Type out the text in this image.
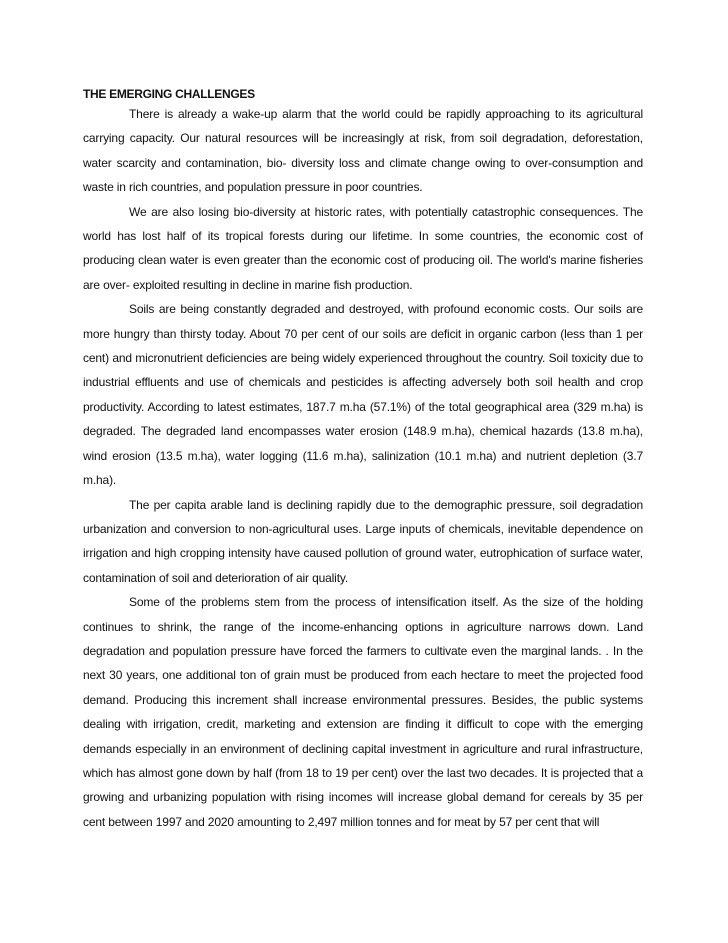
THE EMERGING CHALLENGES

There is already a wake-up alarm that the world could be rapidly approaching to its agricultural carrying capacity. Our natural resources will be increasingly at risk, from soil degradation, deforestation, water scarcity and contamination, bio- diversity loss and climate change owing to over-consumption and waste in rich countries, and population pressure in poor countries.

We are also losing bio-diversity at historic rates, with potentially catastrophic consequences. The world has lost half of its tropical forests during our lifetime. In some countries, the economic cost of producing clean water is even greater than the economic cost of producing oil. The world's marine fisheries are over- exploited resulting in decline in marine fish production.

Soils are being constantly degraded and destroyed, with profound economic costs. Our soils are more hungry than thirsty today. About 70 per cent of our soils are deficit in organic carbon (less than 1 per cent) and micronutrient deficiencies are being widely experienced throughout the country. Soil toxicity due to industrial effluents and use of chemicals and pesticides is affecting adversely both soil health and crop productivity. According to latest estimates, 187.7 m.ha (57.1%) of the total geographical area (329 m.ha) is degraded. The degraded land encompasses water erosion (148.9 m.ha), chemical hazards (13.8 m.ha), wind erosion (13.5 m.ha), water logging (11.6 m.ha), salinization (10.1 m.ha) and nutrient depletion (3.7 m.ha).

The per capita arable land is declining rapidly due to the demographic pressure, soil degradation urbanization and conversion to non-agricultural uses. Large inputs of chemicals, inevitable dependence on irrigation and high cropping intensity have caused pollution of ground water, eutrophication of surface water, contamination of soil and deterioration of air quality.

Some of the problems stem from the process of intensification itself. As the size of the holding continues to shrink, the range of the income-enhancing options in agriculture narrows down. Land degradation and population pressure have forced the farmers to cultivate even the marginal lands. . In the next 30 years, one additional ton of grain must be produced from each hectare to meet the projected food demand. Producing this increment shall increase environmental pressures. Besides, the public systems dealing with irrigation, credit, marketing and extension are finding it difficult to cope with the emerging demands especially in an environment of declining capital investment in agriculture and rural infrastructure, which has almost gone down by half (from 18 to 19 per cent) over the last two decades. It is projected that a growing and urbanizing population with rising incomes will increase global demand for cereals by 35 per cent between 1997 and 2020 amounting to 2,497 million tonnes and for meat by 57 per cent that will
